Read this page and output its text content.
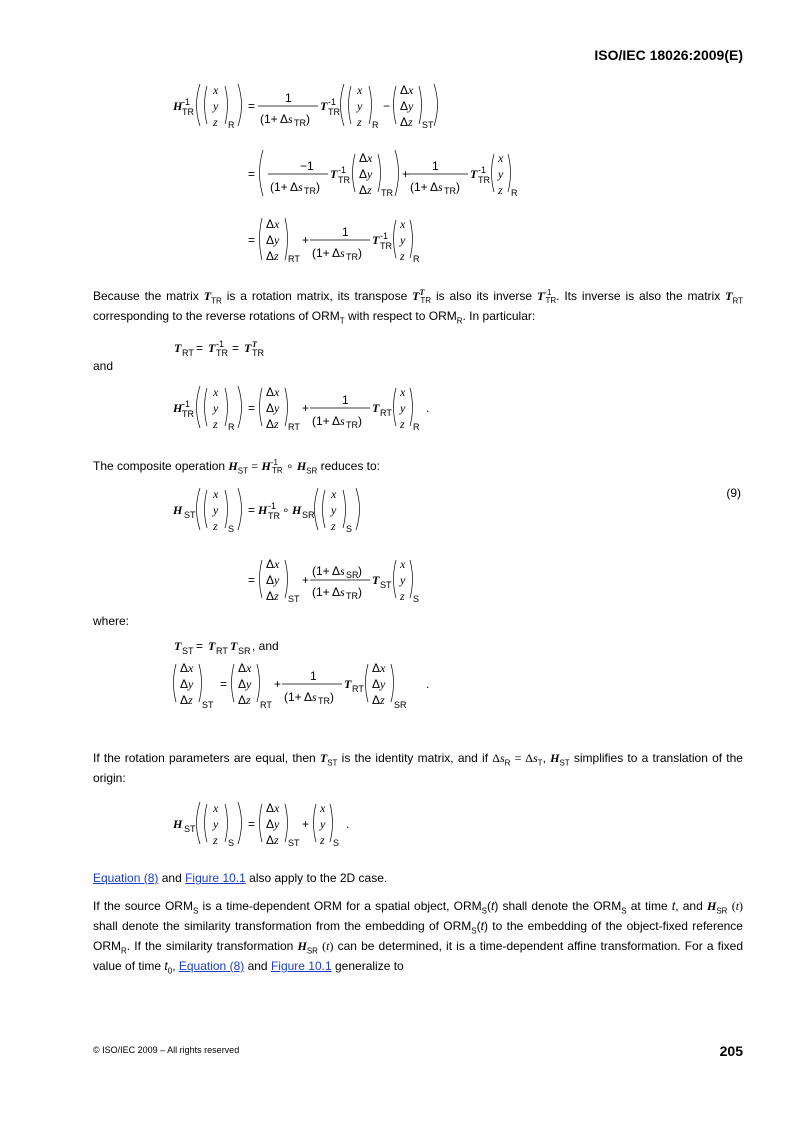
ISO/IEC 18026:2009(E)
H -1
TR
x
y
z R
=
1
(1+ Δ s TR )
T -1
TR
x
y
z R
−
Δ x
Δ y
Δ z ST
=
−1
(1+ Δ s TR )
T -1
TR
Δ x
Δ y
Δ z TR
+
1
(1+ Δ s TR )
=
Δ x
Δ y
Δ z RT
+
1
(1+ Δ s TR )
T -1
TR
x
y
z R
T -1
TR
x
y
z R
Because the matrix $T_{TR}$ is a rotation matrix, its transpose $T^T_{TR}$ is also its inverse $T^{-1}_{TR}$. Its inverse is also the matrix $T_{RT}$ corresponding to the reverse rotations of $ORM_T$ with respect to $ORM_R$. In particular:
T RT = T -1
TR = T T
TR
and
H -1
TR
x
y
z R
=
Δ x
Δ y
Δ z RT
+
1
(1+ Δ s TR )
T RT
x
y
z R
.
The composite operation $H_{ST} = H^{-1}_{TR}$ ∘ $H_{SR}$ reduces to:
(9)
H ST
x
y
z S
= H -1
TR ∘ H SR
x
y
z S
=
Δ x
Δ y
Δ z ST
+
(1+ Δ s SR )
(1+ Δ s TR )
T ST
x
y
z S
where:
T ST = T RT T SR , and
Δ x
Δ y
Δ z ST
=
Δ x
Δ y
Δ z RT
+
1
(1+ Δ s TR )
T RT
Δ x
Δ y
Δ z SR
.
If the rotation parameters are equal, then $T_{ST}$ is the identity matrix, and if $\Delta s_R = \Delta s_T$, $H_{ST}$ simplifies to a translation of the origin:
H ST
x
y
z S
=
Δ x
Δ y
Δ z ST
+
x
y
z S
.
Equation (8) and Figure 10.1 also apply to the 2D case.
If the source $ORM_S$ is a time-dependent ORM for a spatial object, $ORM_S(t)$ shall denote the $ORM_S$ at time t, and $H_{SR}$ (t) shall denote the similarity transformation from the embedding of $ORM_S(t)$ to the embedding of the object-fixed reference $ORM_R$. If the similarity transformation $H_{SR}$ (t) can be determined, it is a time-dependent affine transformation. For a fixed value of time $t_0$, Equation (8) and Figure 10.1 generalize to
© ISO/IEC 2009 – All rights reserved	205
